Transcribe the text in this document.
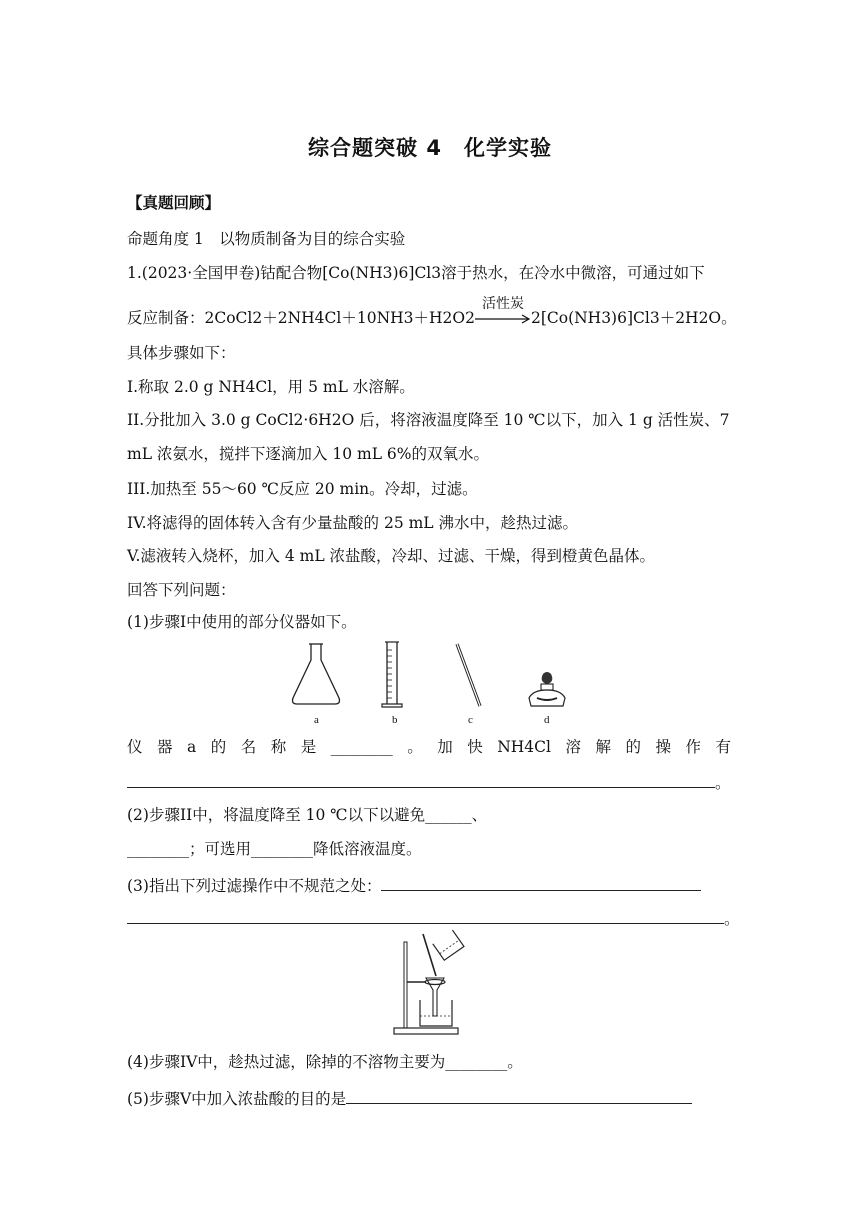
综合题突破 4　化学实验
【真题回顾】
命题角度 1　以物质制备为目的综合实验
1.(2023·全国甲卷)钴配合物[Co(NH3)6]Cl3溶于热水，在冷水中微溶，可通过如下
反应制备：2CoCl2＋2NH4Cl＋10NH3＋H2O2
活性炭
2[Co(NH3)6]Cl3＋2H2O。
具体步骤如下：
I.称取 2.0 g NH4Cl，用 5 mL 水溶解。
II.分批加入 3.0 g CoCl2·6H2O 后，将溶液温度降至 10 ℃以下，加入 1 g 活性炭、7
mL 浓氨水，搅拌下逐滴加入 10 mL 6%的双氧水。
III.加热至 55～60 ℃反应 20 min。冷却，过滤。
IV.将滤得的固体转入含有少量盐酸的 25 mL 沸水中，趁热过滤。
V.滤液转入烧杯，加入 4 mL 浓盐酸，冷却、过滤、干燥，得到橙黄色晶体。
回答下列问题：
(1)步骤I中使用的部分仪器如下。
a	b	c	d
仪 器 a 的 名 称 是 ________ 。 加 快 NH4Cl 溶 解 的 操 作 有
。
(2)步骤II中，将温度降至 10 ℃以下以避免______、
________；可选用________降低溶液温度。
(3)指出下列过滤操作中不规范之处：
。
(4)步骤IV中，趁热过滤，除掉的不溶物主要为________。
(5)步骤V中加入浓盐酸的目的是
